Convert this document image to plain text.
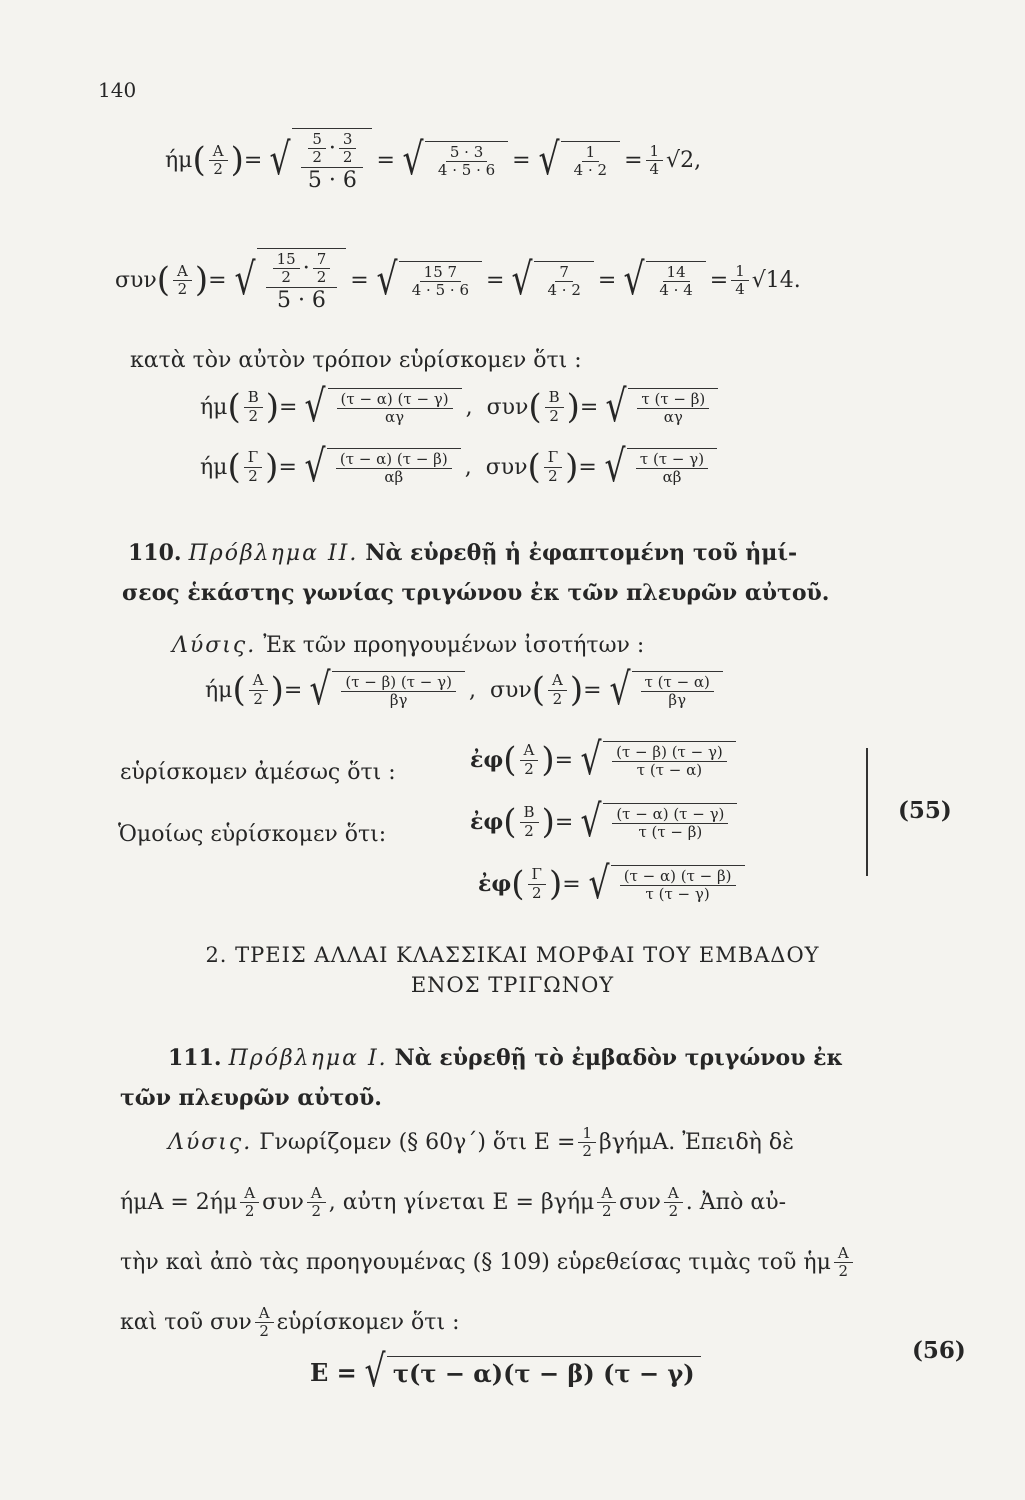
140
ήμ ( $\frac{A}{2}$ ) = √ $\frac{\frac{5}{2} \cdot \frac{3}{2}}{5 \cdot 6}$ = √ $\frac{5 \cdot 3}{4 \cdot 5 \cdot 6}$ = √ $\frac{1}{4 \cdot 2} = \frac{1}{4}$ √ 2,
συν ( $\frac{A}{2}$ ) = √ $\frac{\frac{15}{2} \cdot \frac{7}{2}}{5 \cdot 6}$ = √ $\frac{15 7}{4 \cdot 5 \cdot 6}$ = √ $\frac{7}{4 \cdot 2}$ = √ $\frac{14}{4 \cdot 4} = \frac{1}{4}$ √ 14.
κατὰ τὸν αὐτὸν τρόπον εὑρίσκομεν ὅτι :
ήμ ( $\frac{B}{2}$ ) = √ $\frac{(\tau - \alpha) (\tau - \gamma)}{\alpha\gamma}$ , συν ( $\frac{B}{2}$ ) = √ $\frac{\tau (\tau - \beta)}{\alpha\gamma}$
ήμ ( $\frac{\Gamma}{2}$ ) = √ $\frac{(\tau - \alpha) (\tau - \beta)}{\alpha\beta}$ , συν ( $\frac{\Gamma}{2}$ ) = √ $\frac{\tau (\tau - \gamma)}{\alpha\beta}$
110. Πρόβλημα ΙΙ. Νὰ εὑρεθῇ ἡ ἐφαπτομένη τοῦ ἡμί-
σεος ἑκάστης γωνίας τριγώνου ἐκ τῶν πλευρῶν αὐτοῦ.
Λύσις. Ἐκ τῶν προηγουμένων ἰσοτήτων :
ήμ ( $\frac{A}{2}$ ) = √ $\frac{(\tau - \beta) (\tau - \gamma)}{\beta\gamma}$ , συν ( $\frac{A}{2}$ ) = √ $\frac{\tau (\tau - \alpha)}{\beta\gamma}$
εὑρίσκομεν ἀμέσως ὅτι :
Ὁμοίως εὑρίσκομεν ὅτι:
ἐφ ( $\frac{A}{2}$ ) = √ $\frac{(\tau - \beta) (\tau - \gamma)}{\tau (\tau - \alpha)}$
ἐφ ( $\frac{B}{2}$ ) = √ $\frac{(\tau - \alpha) (\tau - \gamma)}{\tau (\tau - \beta)}$
ἐφ ( $\frac{\Gamma}{2}$ ) = √ $\frac{(\tau - \alpha) (\tau - \beta)}{\tau (\tau - \gamma)}$
(55)
2. ΤΡΕΙΣ ΑΛΛΑΙ ΚΛΑΣΣΙΚΑΙ ΜΟΡΦΑΙ ΤΟΥ ΕΜΒΑΔΟΥ
ΕΝΟΣ ΤΡΙΓΩΝΟΥ
111. Πρόβλημα Ι. Νὰ εὑρεθῇ τὸ ἐμβαδὸν τριγώνου ἐκ
τῶν πλευρῶν αὐτοῦ.
Λύσις.
Γνωρίζομεν (§ 60γ΄) ὅτι $E = \frac{1}{2} \beta\gamma ή\mu A$. Ἐπειδὴ δὲ
$ή\mu A = 2ή\mu \frac{A}{2}$ συν $\frac{A}{2}$ , αὐτη γίνεται Ε = βγήμ $\frac{A}{2}$ συν $\frac{A}{2}$ . Ἀπὸ αὐ-
τὴν καὶ ἀπὸ τὰς προηγουμένας (§ 109) εὑρεθείσας τιμὰς τοῦ ἡμ $\frac{A}{2}$
καὶ τοῦ συν $\frac{A}{2}$ εὑρίσκομεν ὅτι :
E = √ τ(τ − α)(τ − β) (τ − γ)
(56)
